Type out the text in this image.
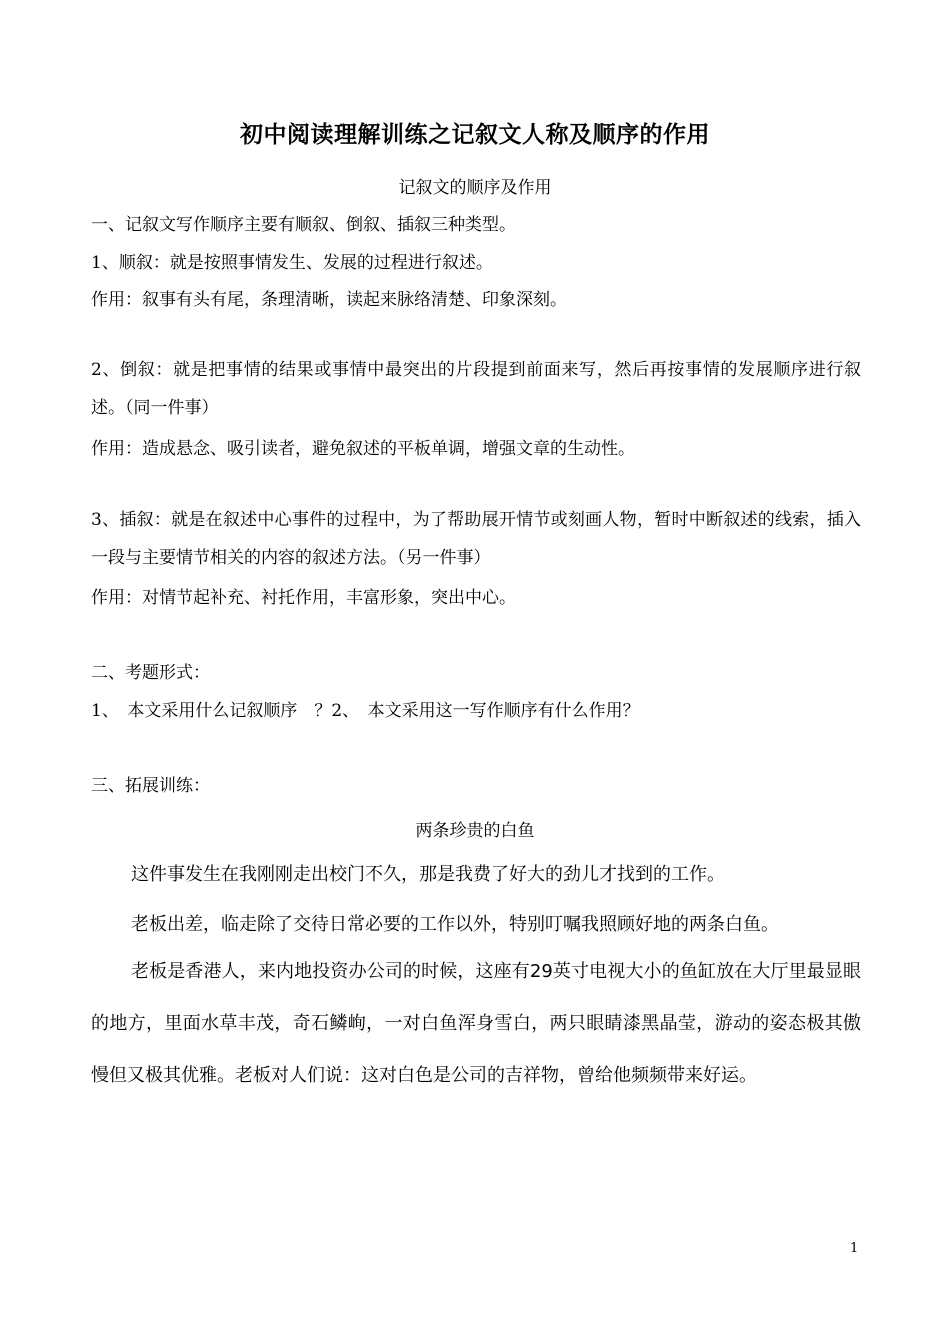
初中阅读理解训练之记叙文人称及顺序的作用
记叙文的顺序及作用
一、记叙文写作顺序主要有顺叙、倒叙、插叙三种类型。
1、顺叙：就是按照事情发生、发展的过程进行叙述。
作用：叙事有头有尾，条理清晰，读起来脉络清楚、印象深刻。
2、倒叙：就是把事情的结果或事情中最突出的片段提到前面来写，然后再按事情的发展顺序进行叙述。（同一件事）
作用：造成悬念、吸引读者，避免叙述的平板单调，增强文章的生动性。
3、插叙：就是在叙述中心事件的过程中，为了帮助展开情节或刻画人物，暂时中断叙述的线索，插入一段与主要情节相关的内容的叙述方法。（另一件事）
作用：对情节起补充、衬托作用，丰富形象，突出中心。
二、考题形式：
1、　本文采用什么记叙顺序　？2、　本文采用这一写作顺序有什么作用？
三、拓展训练：
两条珍贵的白鱼
这件事发生在我刚刚走出校门不久，那是我费了好大的劲儿才找到的工作。
老板出差，临走除了交待日常必要的工作以外，特别叮嘱我照顾好地的两条白鱼。
老板是香港人，来内地投资办公司的时候，这座有29英寸电视大小的鱼缸放在大厅里最显眼的地方，里面水草丰茂，奇石鳞峋，一对白鱼浑身雪白，两只眼睛漆黑晶莹，游动的姿态极其傲慢但又极其优雅。老板对人们说：这对白色是公司的吉祥物，曾给他频频带来好运。
1
